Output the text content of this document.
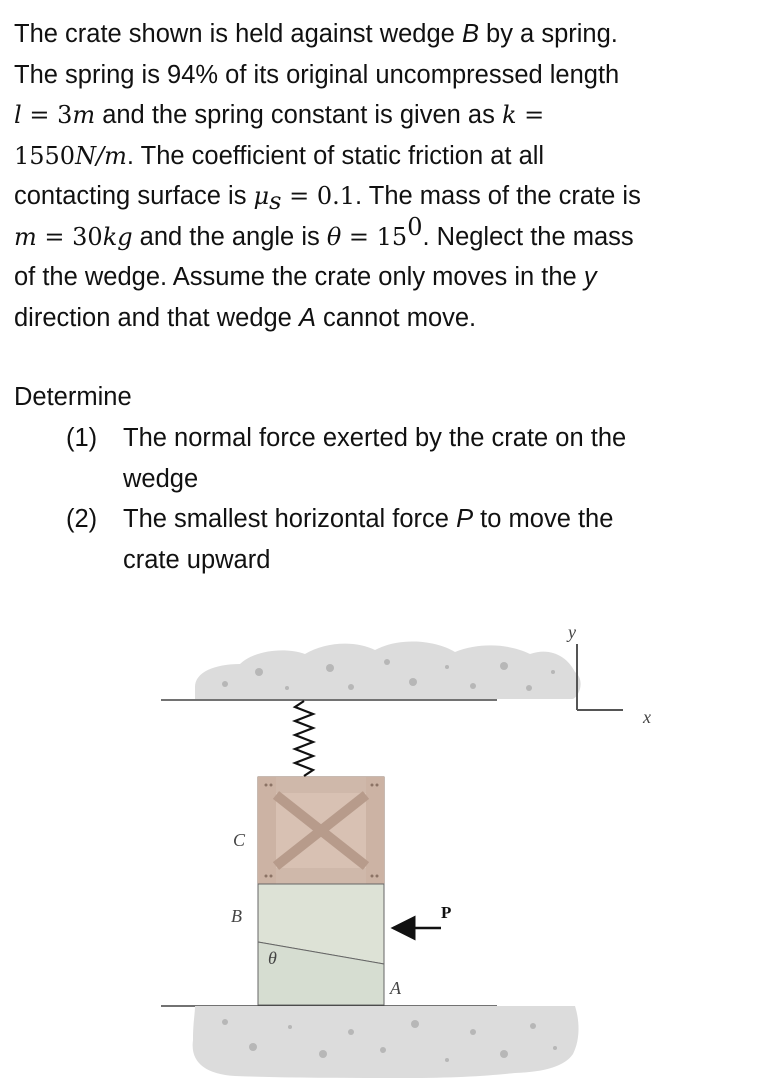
The crate shown is held against wedge B by a spring.

The spring is 94% of its original uncompressed length

l = 3m and the spring constant is given as k =

1550N/m. The coefficient of static friction at all

contacting surface is $\mu_s = 0.1$. The mass of the crate is

m = 30kg and the angle is $\theta = 15^0$. Neglect the mass

of the wedge. Assume the crate only moves in the y

direction and that wedge A cannot move.

Determine
(1) The normal force exerted by the crate on the
wedge
(2) The smallest horizontal force P to move the
crate upward
y
x
C
B
A
θ
P
